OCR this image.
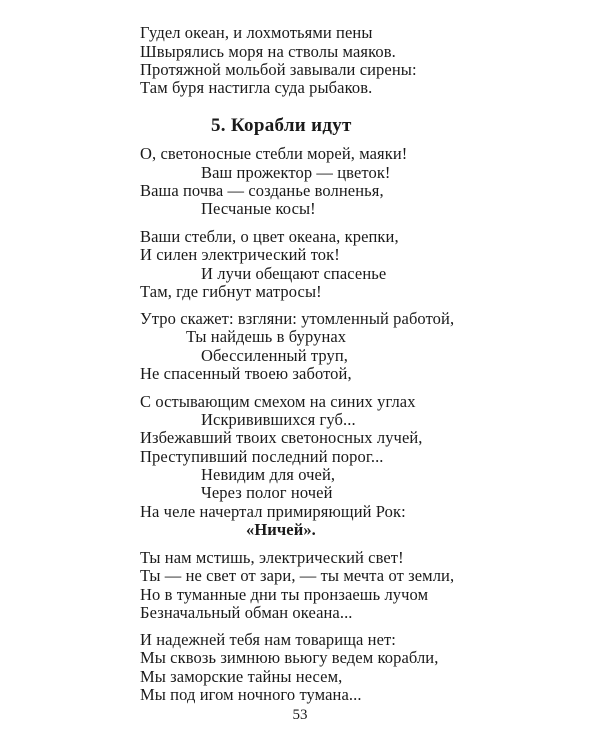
Гудел океан, и лохмотьями пены
Швырялись моря на стволы маяков.
Протяжной мольбой завывали сирены:
Там буря настигла суда рыбаков.
5. Корабли идут
О, светоносные стебли морей, маяки!
Ваш прожектор — цветок!
Ваша почва — созданье волненья,
Песчаные косы!
Ваши стебли, о цвет океана, крепки,
И силен электрический ток!
И лучи обещают спасенье
Там, где гибнут матросы!
Утро скажет: взгляни: утомленный работой,
Ты найдешь в бурунах
Обессиленный труп,
Не спасенный твоею заботой,
С остывающим смехом на синих углах
Искривившихся губ...
Избежавший твоих светоносных лучей,
Преступивший последний порог...
Невидим для очей,
Через полог ночей
На челе начертал примиряющий Рок:
«Ничей».
Ты нам мстишь, электрический свет!
Ты — не свет от зари, — ты мечта от земли,
Но в туманные дни ты пронзаешь лучом
Безначальный обман океана...
И надежней тебя нам товарища нет:
Мы сквозь зимнюю вьюгу ведем корабли,
Мы заморские тайны несем,
Мы под игом ночного тумана...
53
